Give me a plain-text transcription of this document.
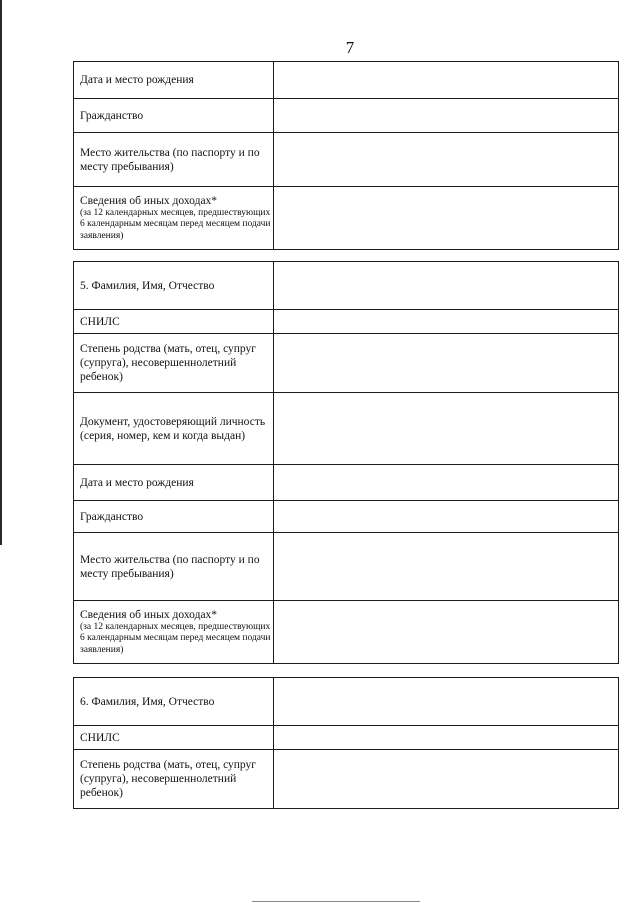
7
Дата и место рождения	
Гражданство	
Место жительства (по паспорту и по месту пребывания)	
Сведения об иных доходах*
(за 12 календарных месяцев, предшествующих 6 календарным месяцам перед месяцем подачи заявления)	

5. Фамилия, Имя, Отчество	
СНИЛС	
Степень родства (мать, отец, супруг (супруга), несовершеннолетний ребенок)	
Документ, удостоверяющий личность (серия, номер, кем и когда выдан)	
Дата и место рождения	
Гражданство	
Место жительства (по паспорту и по месту пребывания)	
Сведения об иных доходах*
(за 12 календарных месяцев, предшествующих 6 календарным месяцам перед месяцем подачи заявления)	

6. Фамилия, Имя, Отчество	
СНИЛС	
Степень родства (мать, отец, супруг (супруга), несовершеннолетний ребенок)	
